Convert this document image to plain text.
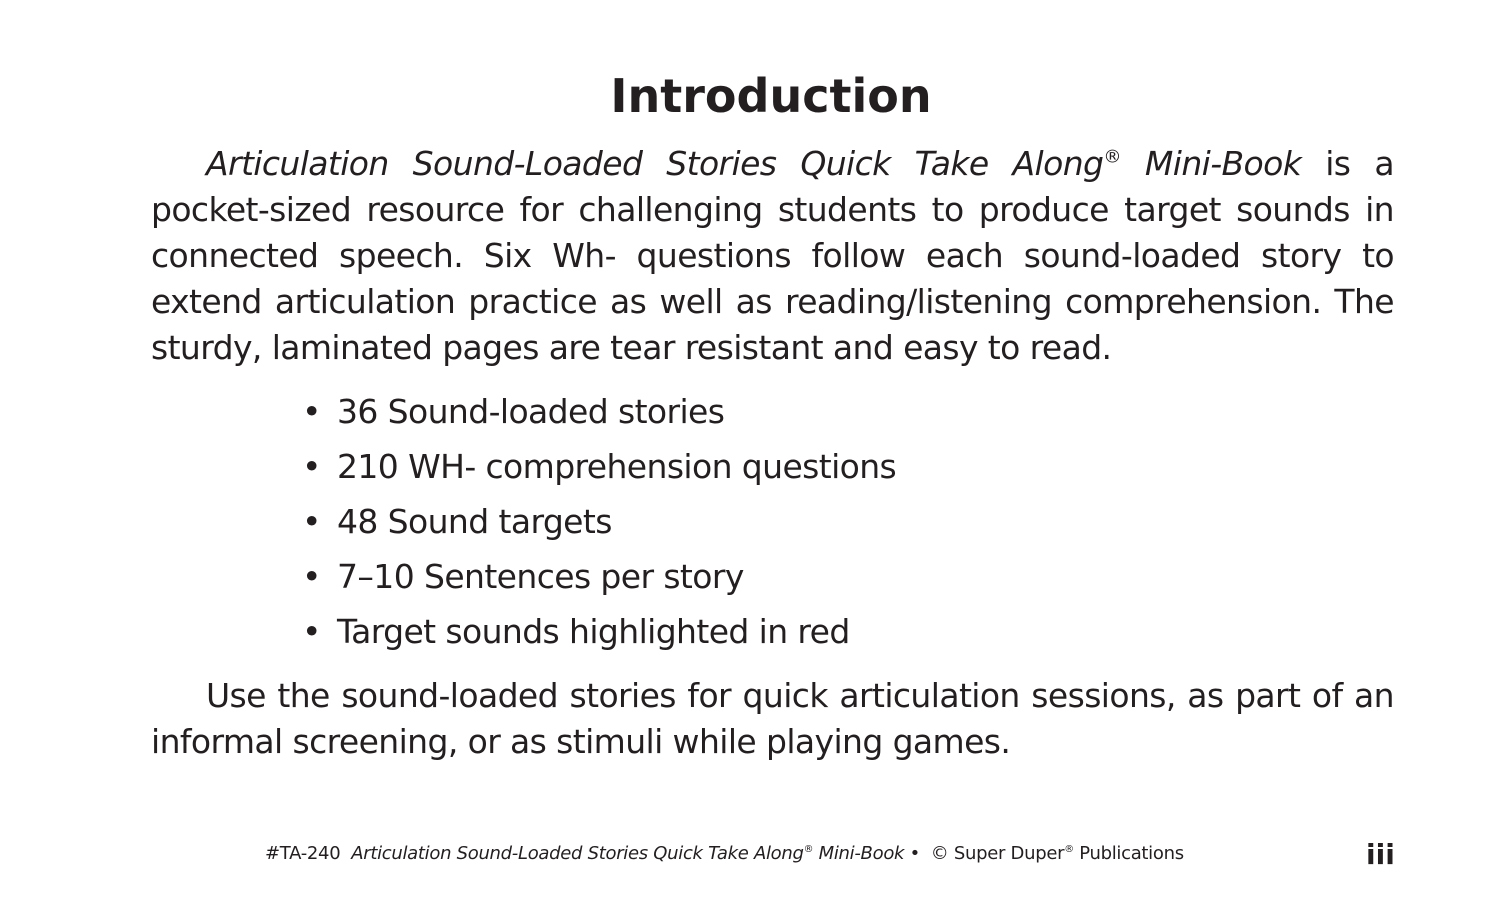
Introduction

Articulation Sound-Loaded Stories Quick Take Along® Mini-Book is a pocket-sized resource for challenging students to produce target sounds in connected speech. Six Wh- questions follow each sound-loaded story to extend articulation practice as well as reading/listening comprehension. The sturdy, laminated pages are tear resistant and easy to read.

• 36 Sound-loaded stories
• 210 WH- comprehension questions
• 48 Sound targets
• 7–10 Sentences per story
• Target sounds highlighted in red

Use the sound-loaded stories for quick articulation sessions, as part of an informal screening, or as stimuli while playing games.

#TA-240 Articulation Sound-Loaded Stories Quick Take Along® Mini-Book • © Super Duper® Publications	iii
